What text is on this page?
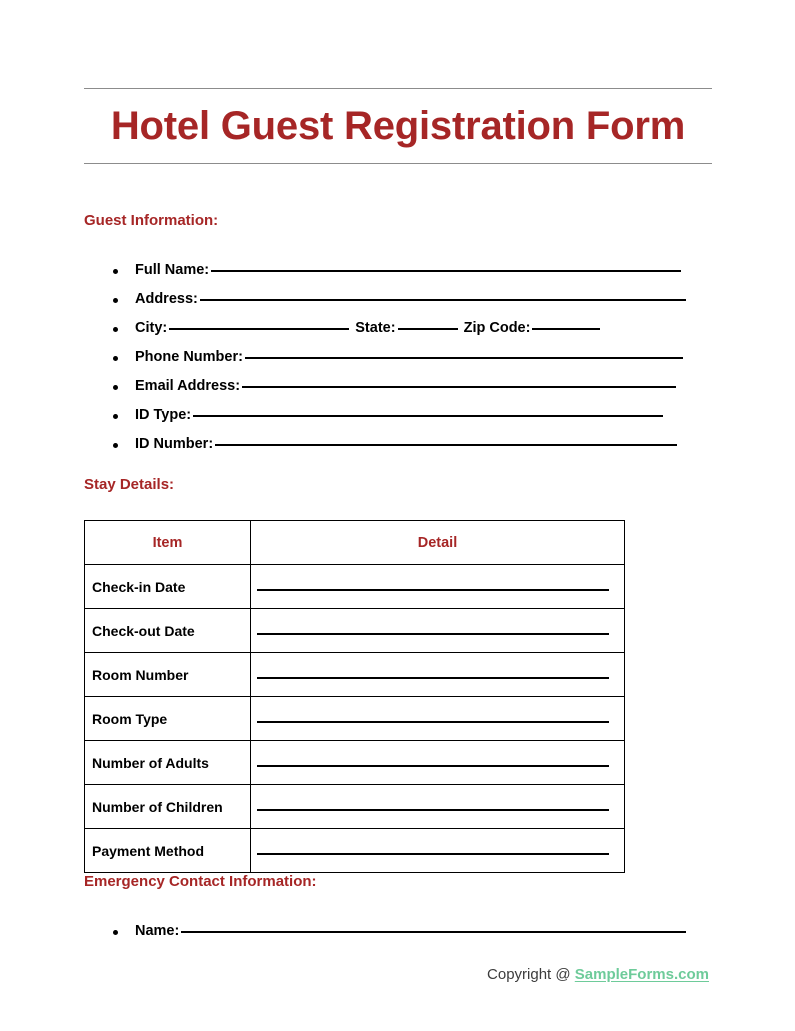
Hotel Guest Registration Form
Guest Information:
Full Name:
Address:
City:	State:	Zip Code:
Phone Number:
Email Address:
ID Type:
ID Number:
Stay Details:
Item	Detail
Check-in Date	

Check-out Date	

Room Number	

Room Type	

Number of Adults	

Number of Children	

Payment Method	
Emergency Contact Information:
Name:
Copyright @ SampleForms.com
